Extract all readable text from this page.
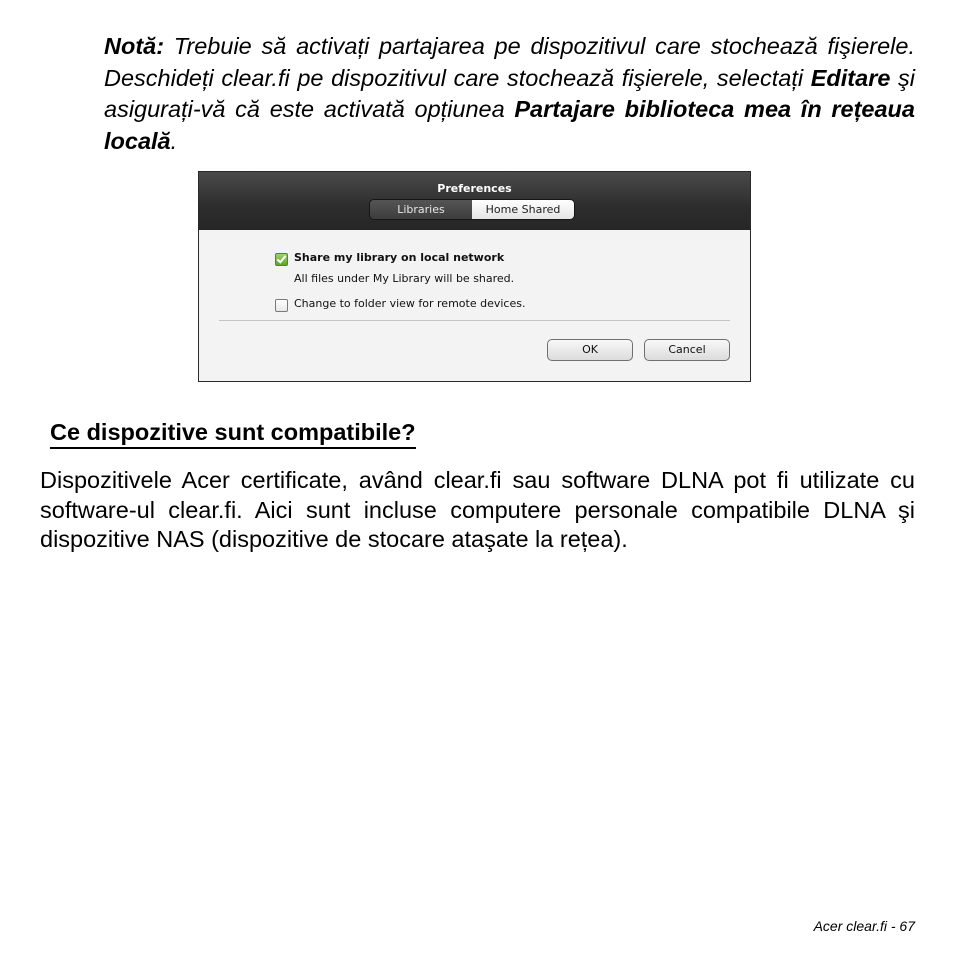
Notă: Trebuie să activați partajarea pe dispozitivul care stochează fişierele. Deschideți clear.fi pe dispozitivul care stochează fişierele, selectați Editare şi asigurați-vă că este activată opțiunea Partajare biblioteca mea în rețeaua locală.

Preferences
Libraries	Home Shared
Share my library on local network
All files under My Library will be shared.
Change to folder view for remote devices.
OK	Cancel
Ce dispozitive sunt compatibile?

Dispozitivele Acer certificate, având clear.fi sau software DLNA pot fi utilizate cu software-ul clear.fi. Aici sunt incluse computere personale compatibile DLNA şi dispozitive NAS (dispozitive de stocare ataşate la rețea).

Acer clear.fi - 67
